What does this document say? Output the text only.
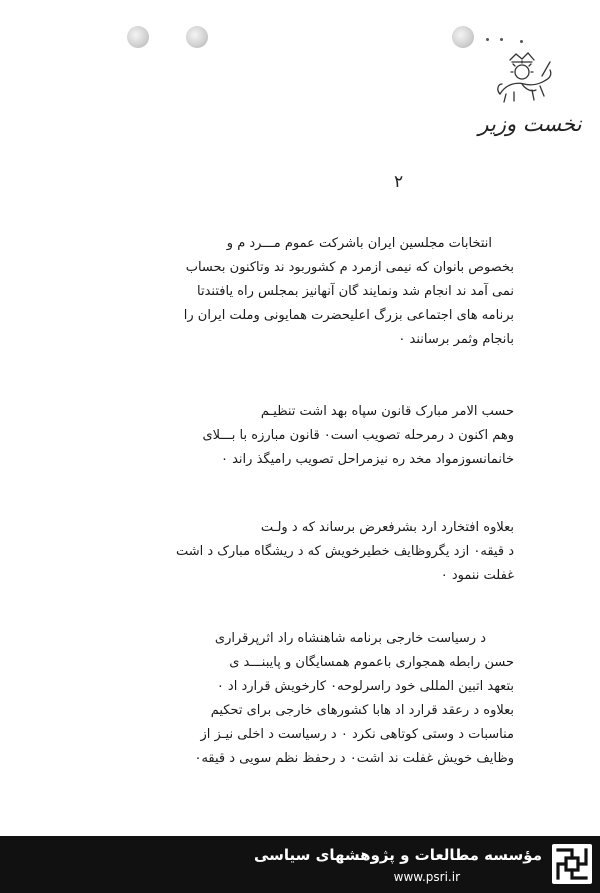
نخست وزیر
۲
انتخابات مجلسین ایران باشرکت عموم مـــرد م و
بخصوص بانوان که نیمی ازمرد م کشوربود ند وتاکنون بحساب
نمی آمد ند انجام شد ونمایند گان آنهانیز بمجلس راه یافتندتا
برنامه های اجتماعی بزرگ اعلیحضرت همایونی وملت ایران را
بانجام وثمر برسانند ٠
حسب الامر مبارک قانون سپاه بهد اشت تنظیـم
وهم اکنون د رمرحله تصویب است٠ قانون مبارزه با بـــلای
خانمانسوزمواد مخد ره نیزمراحل تصویب رامیگذ راند ٠
بعلاوه افتخارد ارد بشرفعرض برساند که د ولـت
د قیقه٠ ازد یگروظایف خطیرخویش که د ریشگاه مبارک د اشت
غفلت ننمود ٠
د رسیاست خارجی برنامه شاهنشاه راد اثرپرقراری
حسن رابطه همجواری باعموم همسایگان و پایبنـــد ی
بتعهد اتبین المللی خود راسرلوحه٠ کارخویش قرارد اد ٠
بعلاوه د رعقد قرارد اد هابا کشورهای خارجی برای تحکیم
مناسبات د وستی کوتاهی نکرد ٠ د رسیاست د اخلی نیـز از
وظایف خویش غفلت ند اشت٠ د رحفظ نظم سویی د قیقه٠
مؤسسه مطالعات و پژوهشهای سیاسی
www.psri.ir
